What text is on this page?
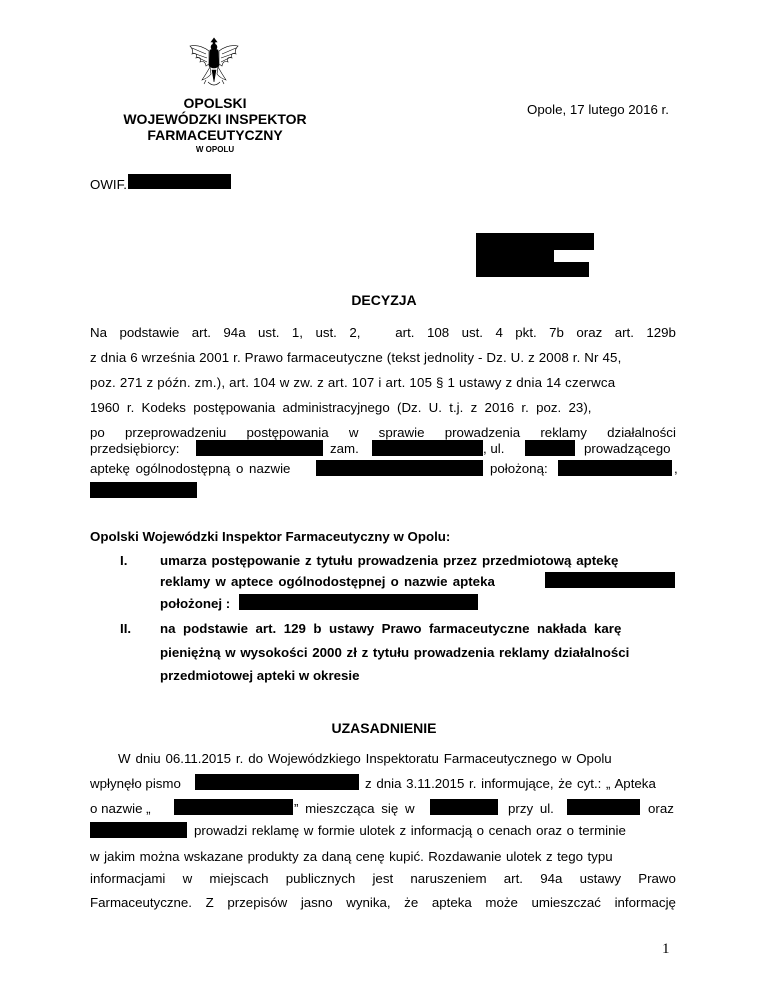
OPOLSKI
WOJEWÓDZKI INSPEKTOR
FARMACEUTYCZNY
W OPOLU
Opole, 17 lutego 2016 r.
OWIF.
DECYZJA
Na podstawie art. 94a ust. 1, ust. 2,	art. 108 ust. 4 pkt. 7b oraz art. 129b
z dnia 6 września 2001 r. Prawo farmaceutyczne (tekst jednolity - Dz. U. z 2008 r. Nr 45,
poz. 271 z późn. zm.), art. 104 w zw. z art. 107 i art. 105 § 1 ustawy z dnia 14 czerwca
1960 r. Kodeks postępowania administracyjnego (Dz. U. t.j. z 2016 r. poz. 23),
po przeprowadzeniu postępowania w sprawie prowadzenia reklamy działalności
przedsiębiorcy:	zam.	, ul.	prowadzącego
aptekę ogólnodostępną o nazwie	położoną:	,
Opolski Wojewódzki Inspektor Farmaceutyczny w Opolu:
I. umarza postępowanie z tytułu prowadzenia przez przedmiotową aptekę
reklamy w aptece ogólnodostępnej o nazwie apteka
położonej :
II. na podstawie art. 129 b ustawy Prawo farmaceutyczne nakłada karę
pieniężną w wysokości 2000 zł z tytułu prowadzenia reklamy działalności
przedmiotowej apteki w okresie
UZASADNIENIE
W dniu 06.11.2015 r. do Wojewódzkiego Inspektoratu Farmaceutycznego w Opolu
wpłynęło pismo	z dnia 3.11.2015 r. informujące, że cyt.: „ Apteka
o nazwie „	” mieszcząca się w	przy ul.	oraz
prowadzi reklamę w formie ulotek z informacją o cenach oraz o terminie
w jakim można wskazane produkty za daną cenę kupić. Rozdawanie ulotek z tego typu
informacjami w miejscach publicznych jest naruszeniem art. 94a ustawy Prawo
Farmaceutyczne. Z przepisów jasno wynika, że apteka może umieszczać informację
1
